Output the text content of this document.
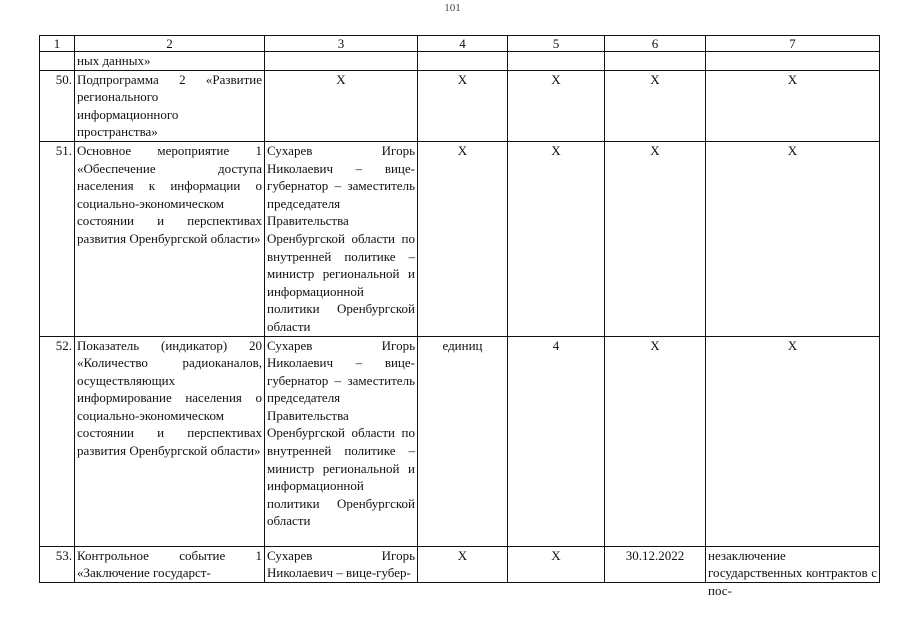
101
1	2	3	4	5	6	7
	ных данных»					
50.	Подпрограмма 2 «Развитие регионального информационного пространства»	Х	Х	Х	Х	Х
51.	Основное мероприятие 1 «Обеспечение доступа населения к информации о социально-экономическом состоянии и перспективах развития Оренбургской области»	Сухарев Игорь Николаевич – вице-губернатор – заместитель председателя Правительства Оренбургской области по внутренней политике – министр региональной и информационной политики Оренбургской области	Х	Х	Х	Х
52.	Показатель (индикатор) 20 «Количество радиоканалов, осуществляющих информирование населения о социально-экономическом состоянии и перспективах развития Оренбургской области»	Сухарев Игорь Николаевич – вице-губернатор – заместитель председателя Правительства Оренбургской области по внутренней политике – министр региональной и информационной политики Оренбургской области	единиц	4	Х	Х
53.	Контрольное событие 1 «Заключение государст-	Сухарев Игорь Николаевич – вице-губер-	Х	Х	30.12.2022	незаключение государственных контрактов с пос-
